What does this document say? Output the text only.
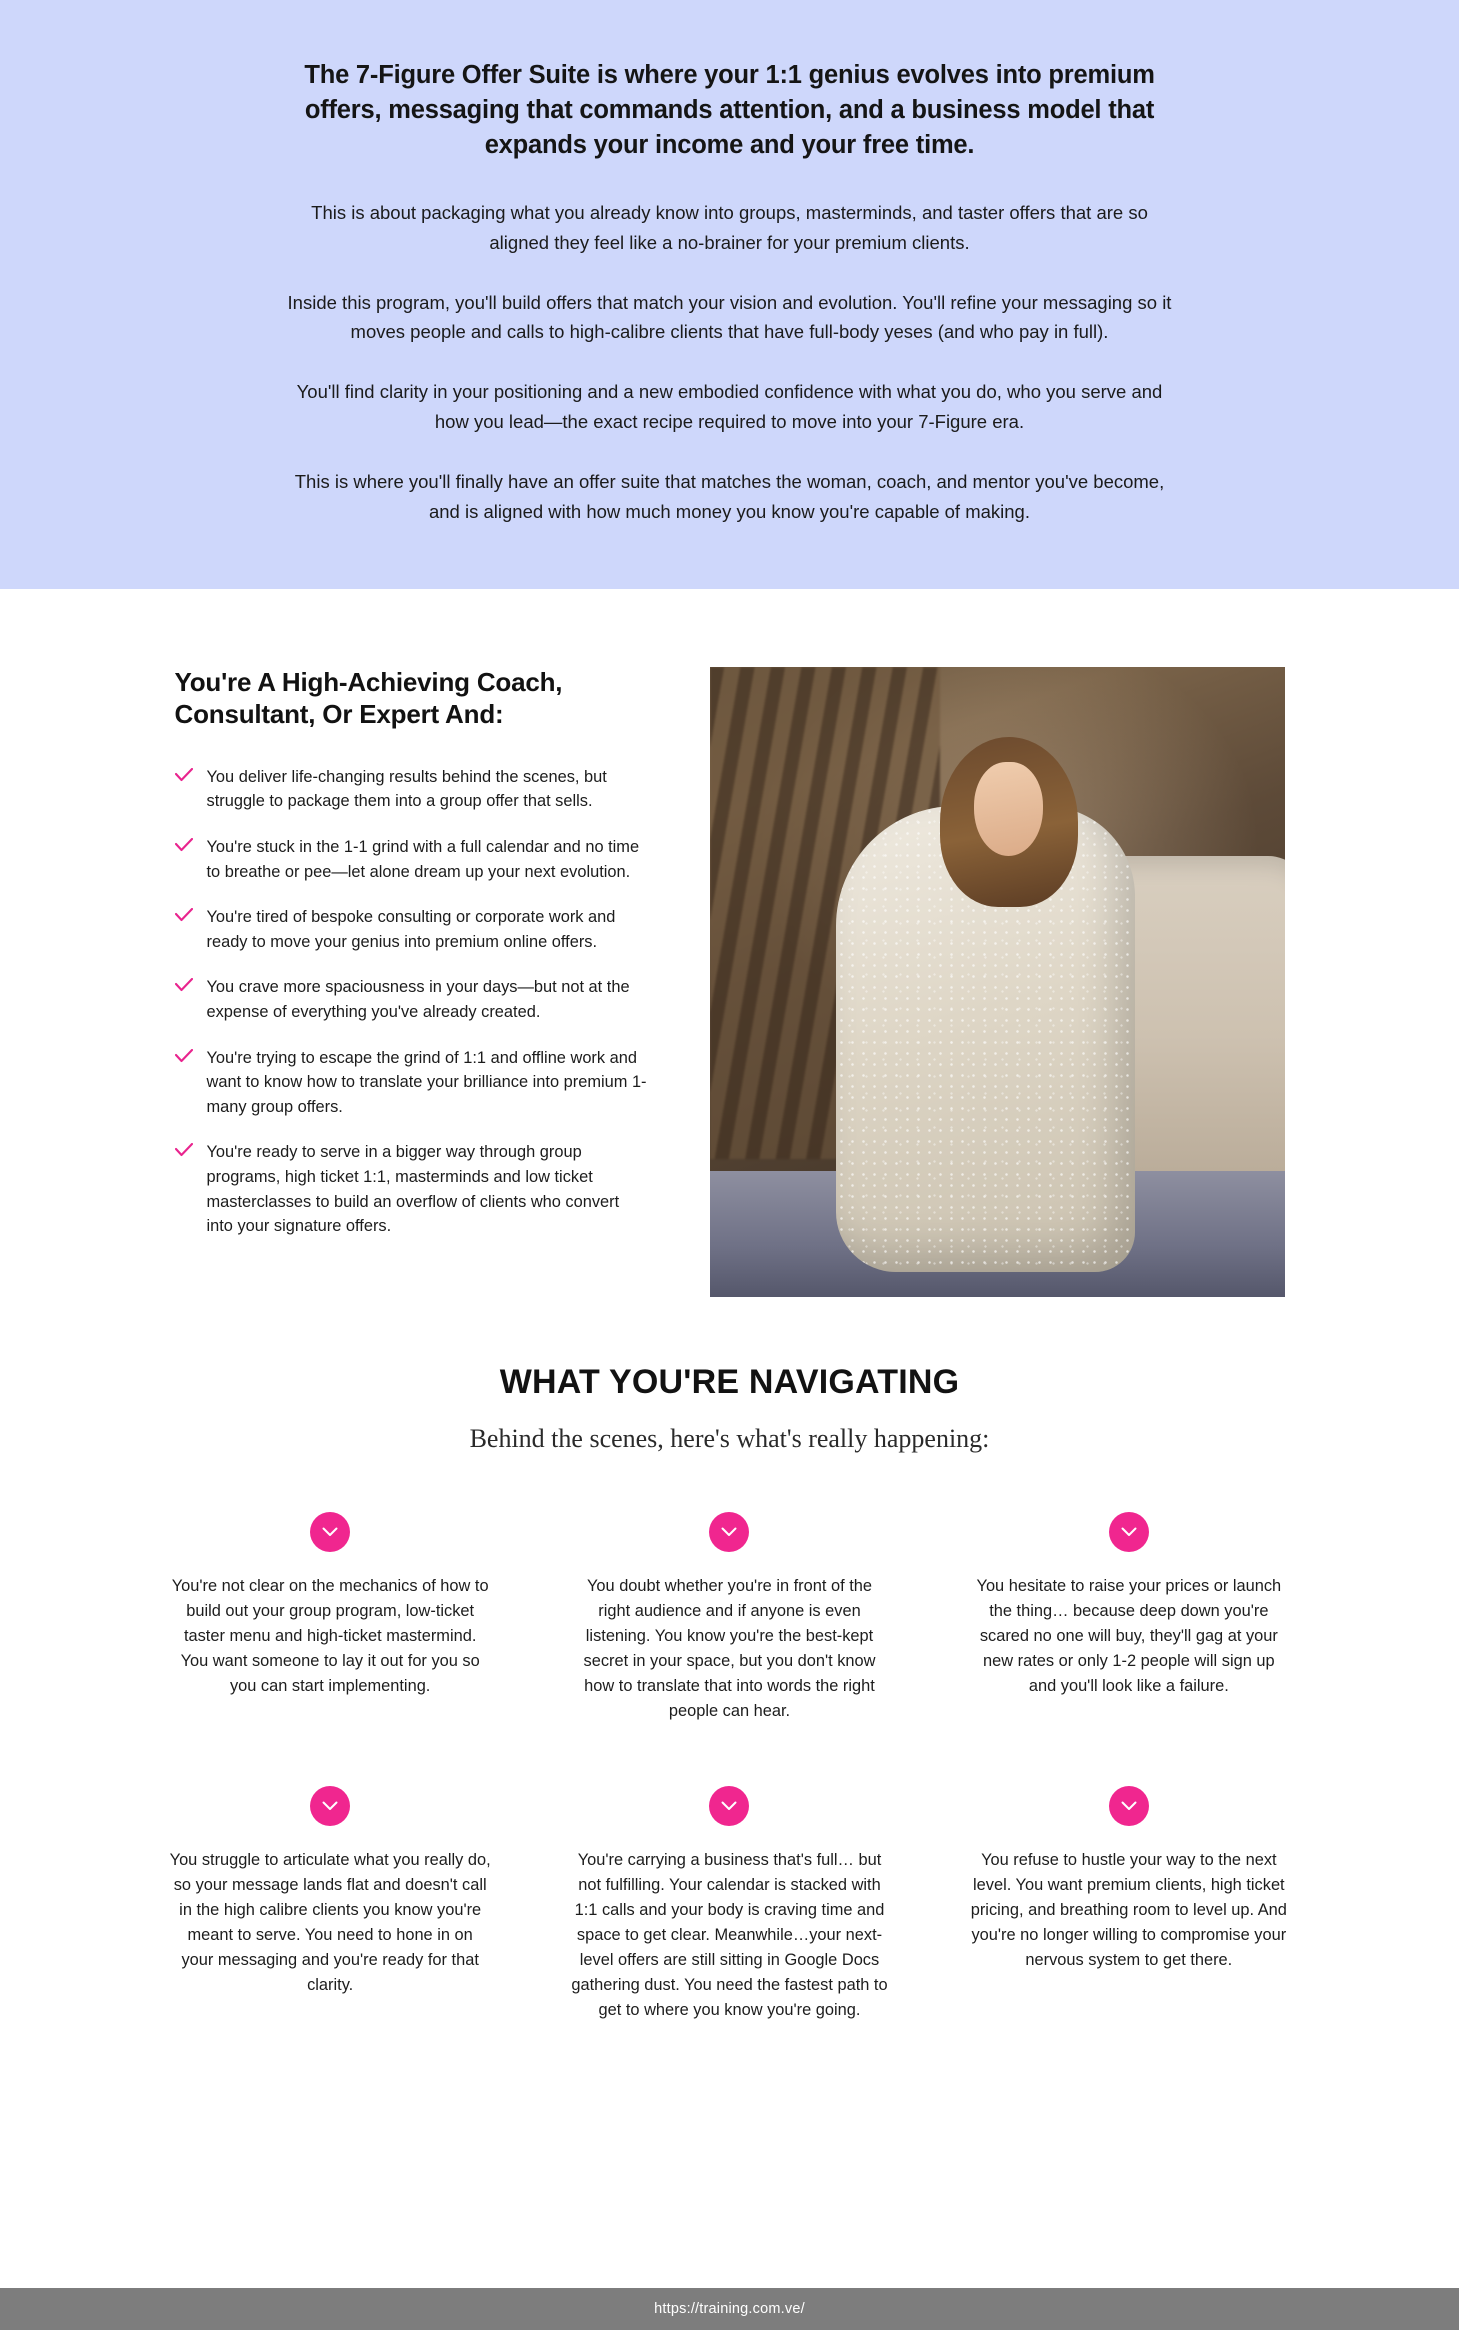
The 7-Figure Offer Suite is where your 1:1 genius evolves into premium offers, messaging that commands attention, and a business model that expands your income and your free time.

This is about packaging what you already know into groups, masterminds, and taster offers that are so aligned they feel like a no-brainer for your premium clients.

Inside this program, you'll build offers that match your vision and evolution. You'll refine your messaging so it moves people and calls to high-calibre clients that have full-body yeses (and who pay in full).

You'll find clarity in your positioning and a new embodied confidence with what you do, who you serve and how you lead—the exact recipe required to move into your 7-Figure era.

This is where you'll finally have an offer suite that matches the woman, coach, and mentor you've become, and is aligned with how much money you know you're capable of making.

You're A High-Achieving Coach, Consultant, Or Expert And:
You deliver life-changing results behind the scenes, but struggle to package them into a group offer that sells.
You're stuck in the 1-1 grind with a full calendar and no time to breathe or pee—let alone dream up your next evolution.
You're tired of bespoke consulting or corporate work and ready to move your genius into premium online offers.
You crave more spaciousness in your days—but not at the expense of everything you've already created.
You're trying to escape the grind of 1:1 and offline work and want to know how to translate your brilliance into premium 1-many group offers.
You're ready to serve in a bigger way through group programs, high ticket 1:1, masterminds and low ticket masterclasses to build an overflow of clients who convert into your signature offers.
WHAT YOU'RE NAVIGATING

Behind the scenes, here's what's really happening:

You're not clear on the mechanics of how to build out your group program, low-ticket taster menu and high-ticket mastermind. You want someone to lay it out for you so you can start implementing.

You doubt whether you're in front of the right audience and if anyone is even listening. You know you're the best-kept secret in your space, but you don't know how to translate that into words the right people can hear.

You hesitate to raise your prices or launch the thing… because deep down you're scared no one will buy, they'll gag at your new rates or only 1-2 people will sign up and you'll look like a failure.

You struggle to articulate what you really do, so your message lands flat and doesn't call in the high calibre clients you know you're meant to serve. You need to hone in on your messaging and you're ready for that clarity.

You're carrying a business that's full… but not fulfilling. Your calendar is stacked with 1:1 calls and your body is craving time and space to get clear. Meanwhile…your next-level offers are still sitting in Google Docs gathering dust. You need the fastest path to get to where you know you're going.

You refuse to hustle your way to the next level. You want premium clients, high ticket pricing, and breathing room to level up. And you're no longer willing to compromise your nervous system to get there.

https://training.com.ve/
